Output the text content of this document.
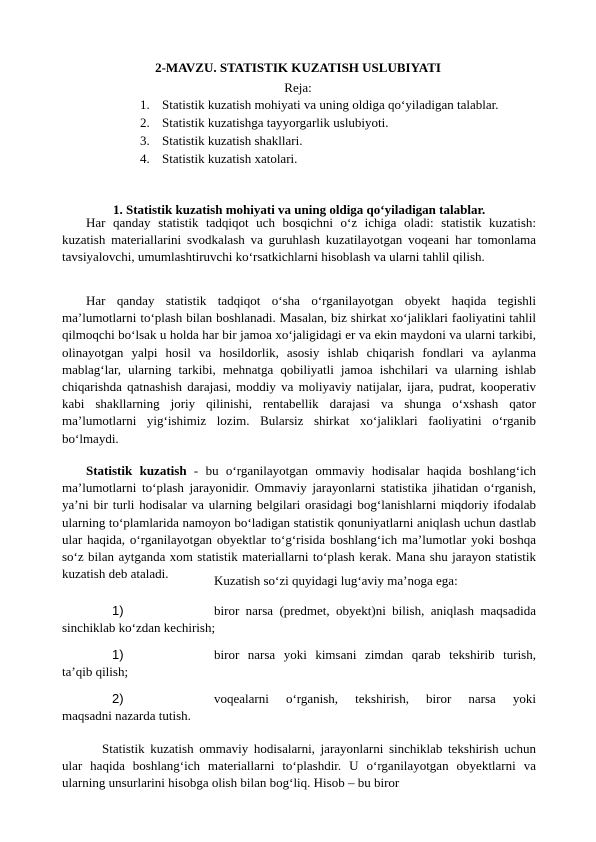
2-MAVZU. STATISTIK KUZATISH USLUBIYATI
Reja:
1. Statistik kuzatish mohiyati va uning oldiga qo‘yiladigan talablar.
2. Statistik kuzatishga tayyorgarlik uslubiyoti.
3. Statistik kuzatish shakllari.
4. Statistik kuzatish xatolari.
1. Statistik kuzatish mohiyati va uning oldiga qo‘yiladigan talablar.

Har qanday statistik tadqiqot uch bosqichni o‘z ichiga oladi: statistik kuzatish: kuzatish materiallarini svodkalash va guruhlash kuzatilayotgan voqeani har tomonlama tavsiyalovchi, umumlashtiruvchi ko‘rsatkichlarni hisoblash va ularni tahlil qilish.

Har qanday statistik tadqiqot o‘sha o‘rganilayotgan obyekt haqida tegishli ma’lumotlarni to‘plash bilan boshlanadi. Masalan, biz shirkat xo‘jaliklari faoliyatini tahlil qilmoqchi bo‘lsak u holda har bir jamoa xo‘jaligidagi er va ekin maydoni va ularni tarkibi, olinayotgan yalpi hosil va hosildorlik, asosiy ishlab chiqarish fondlari va aylanma mablag‘lar, ularning tarkibi, mehnatga qobiliyatli jamoa ishchilari va ularning ishlab chiqarishda qatnashish darajasi, moddiy va moliyaviy natijalar, ijara, pudrat, kooperativ kabi shakllarning joriy qilinishi, rentabellik darajasi va shunga o‘xshash qator ma’lumotlarni yig‘ishimiz lozim. Bularsiz shirkat xo‘jaliklari faoliyatini o‘rganib bo‘lmaydi.

Statistik kuzatish - bu o‘rganilayotgan ommaviy hodisalar haqida boshlang‘ich ma’lumotlarni to‘plash jarayonidir. Ommaviy jarayonlarni statistika jihatidan o‘rganish, ya’ni bir turli hodisalar va ularning belgilari orasidagi bog‘lanishlarni miqdoriy ifodalab ularning to‘plamlarida namoyon bo‘ladigan statistik qonuniyatlarni aniqlash uchun dastlab ular haqida, o‘rganilayotgan obyektlar to‘g‘risida boshlang‘ich ma’lumotlar yoki boshqa so‘z bilan aytganda xom statistik materiallarni to‘plash kerak. Mana shu jarayon statistik kuzatish deb ataladi.	Kuzatish so‘zi quyidagi lug‘aviy ma’noga ega:
1)	biror narsa (predmet, obyekt)ni bilish, aniqlash maqsadida
sinchiklab ko‘zdan kechirish;
1)	biror narsa yoki kimsani zimdan qarab tekshirib turish,
ta’qib qilish;
2)	voqealarni o‘rganish, tekshirish, biror narsa yoki
maqsadni nazarda tutish.

Statistik kuzatish ommaviy hodisalarni, jarayonlarni sinchiklab tekshirish uchun ular haqida boshlang‘ich materiallarni to‘plashdir. U o‘rganilayotgan obyektlarni va ularning unsurlarini hisobga olish bilan bog‘liq. Hisob – bu biror
